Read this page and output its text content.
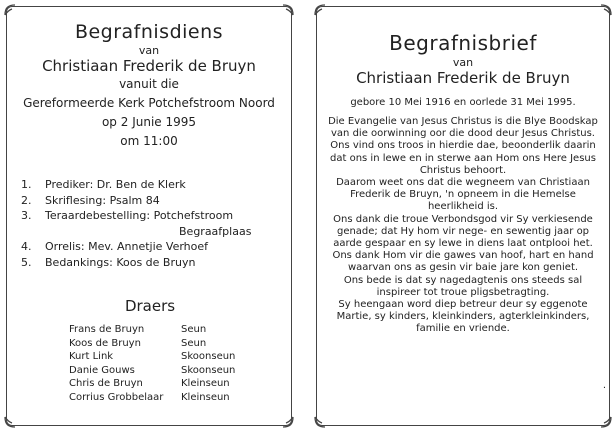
Begrafnisdiens
van
Christiaan Frederik de Bruyn
vanuit die
Gereformeerde Kerk Potchefstroom Noord
op 2 Junie 1995
om 11:00
1.	Prediker: Dr. Ben de Klerk
2.	Skriflesing: Psalm 84
3.	Teraardebestelling: Potchefstroom
Begraafplaas
4.	Orrelis: Mev. Annetjie Verhoef
5.	Bedankings: Koos de Bruyn
Draers
Frans de Bruyn	Seun
Koos de Bruyn	Seun
Kurt Link	Skoonseun
Danie Gouws	Skoonseun
Chris de Bruyn	Kleinseun
Corrius Grobbelaar	Kleinseun
Begrafnisbrief
van
Christiaan Frederik de Bruyn
gebore 10 Mei 1916 en oorlede 31 Mei 1995.

Die Evangelie van Jesus Christus is die Blye Boodskap van die oorwinning oor die dood deur Jesus Christus.

Ons vind ons troos in hierdie dae, beoonderlik daarin dat ons in lewe en in sterwe aan Hom ons Here Jesus Christus behoort.

Daarom weet ons dat die wegneem van Christiaan Frederik de Bruyn, 'n opneem in die Hemelse heerlikheid is.

Ons dank die troue Verbondsgod vir Sy verkiesende genade; dat Hy hom vir nege- en sewentig jaar op aarde gespaar en sy lewe in diens laat ontplooi het.

Ons dank Hom vir die gawes van hoof, hart en hand waarvan ons as gesin vir baie jare kon geniet.

Ons bede is dat sy nagedagtenis ons steeds sal inspireer tot troue pligsbetragting.

Sy heengaan word diep betreur deur sy eggenote Martie, sy kinders, kleinkinders, agterkleinkinders, familie en vriende.

·
